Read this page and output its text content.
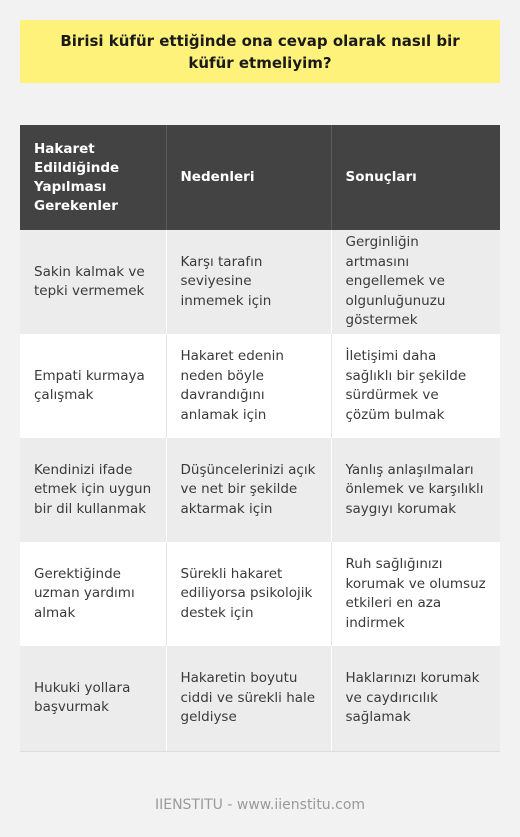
Birisi küfür ettiğinde ona cevap olarak nasıl bir küfür etmeliyim?
Hakaret Edildiğinde Yapılması Gerekenler	Nedenleri	Sonuçları
Sakin kalmak ve tepki vermemek	Karşı tarafın seviyesine inmemek için	Gerginliğin artmasını engellemek ve olgunluğunuzu göstermek
Empati kurmaya çalışmak	Hakaret edenin neden böyle davrandığını anlamak için	İletişimi daha sağlıklı bir şekilde sürdürmek ve çözüm bulmak
Kendinizi ifade etmek için uygun bir dil kullanmak	Düşüncelerinizi açık ve net bir şekilde aktarmak için	Yanlış anlaşılmaları önlemek ve karşılıklı saygıyı korumak
Gerektiğinde uzman yardımı almak	Sürekli hakaret ediliyorsa psikolojik destek için	Ruh sağlığınızı korumak ve olumsuz etkileri en aza indirmek
Hukuki yollara başvurmak	Hakaretin boyutu ciddi ve sürekli hale geldiyse	Haklarınızı korumak ve caydırıcılık sağlamak
IIENSTITU - www.iienstitu.com
